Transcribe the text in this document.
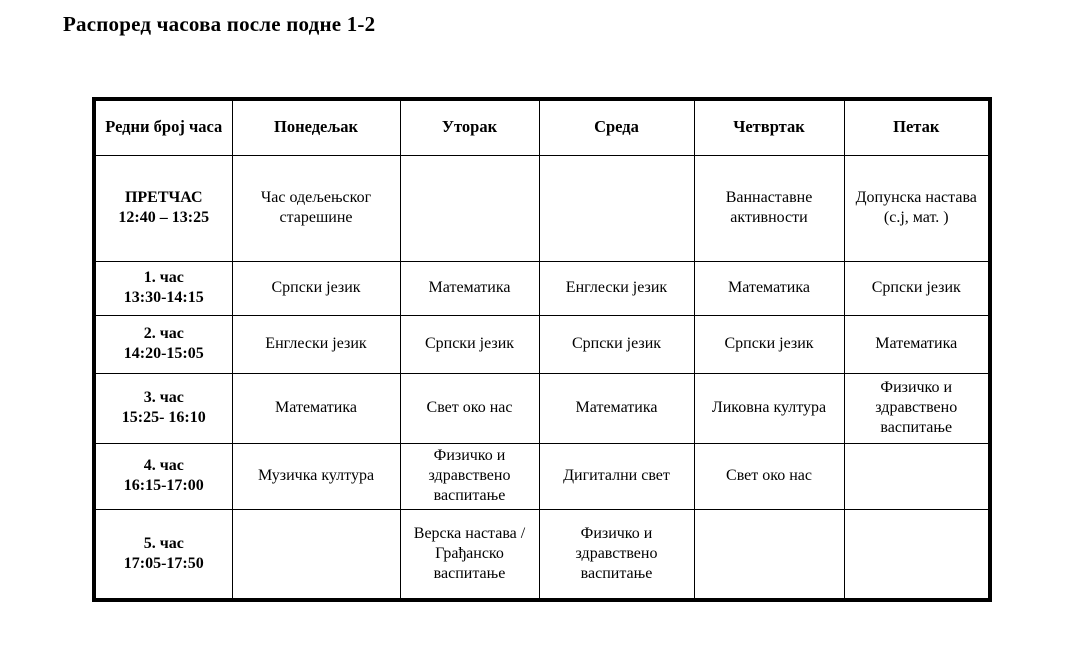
Распоред часова после подне 1-2
Редни број часа	Понедељак	Уторак	Среда	Четвртак	Петак
ПРЕТЧАС
12:40 – 13:25	Час одељењског старешине			Ваннаставне активности	Допунска настава (с.ј, мат. )
1. час
13:30-14:15	Српски језик	Математика	Енглески језик	Математика	Српски језик
2. час
14:20-15:05	Енглески језик	Српски језик	Српски језик	Српски језик	Математика
3. час
15:25- 16:10	Математика	Свет око нас	Математика	Ликовна култура	Физичко и здравствено васпитање
4. час
16:15-17:00	Музичка култура	Физичко и здравствено васпитање	Дигитални свет	Свет око нас	
5. час
17:05-17:50		Верска настава / Грађанско васпитање	Физичко и здравствено васпитање		
